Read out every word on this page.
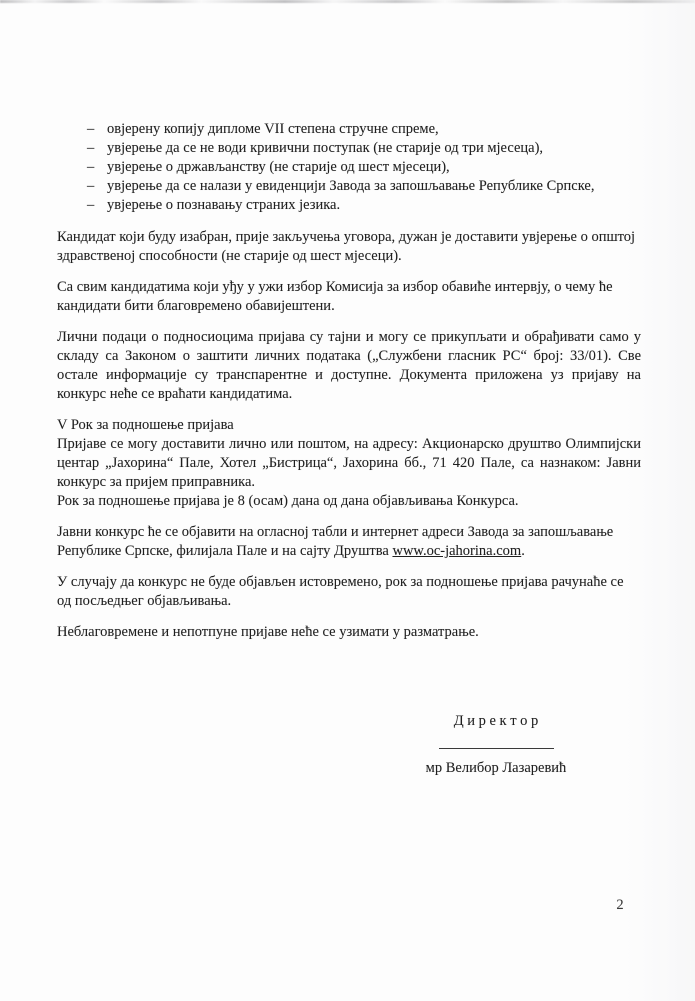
– овјерену копију дипломе VII степена стручне спреме,
– увјерење да се не води кривични поступак (не старије од три мјесеца),
– увјерење о држављанству (не старије од шест мјесеци),
– увјерење да се налази у евиденцији Завода за запошљавање Републике Српске,
– увјерење о познавању страних језика.

Кандидат који буду изабран, прије закључења уговора, дужан је доставити увјерење о општој здравственој способности (не старије од шест мјесеци).

Са свим кандидатима који уђу у ужи избор Комисија за избор обавиће интервју, о чему ће кандидати бити благовремено обавијештени.

Лични подаци о подносиоцима пријава су тајни и могу се прикупљати и обрађивати само у складу са Законом о заштити личних података („Службени гласник РС“ број: 33/01). Све остале информације су транспарентне и доступне. Документа приложена уз пријаву на конкурс неће се враћати кандидатима.

V Рок за подношење пријава

Пријаве се могу доставити лично или поштом, на адресу: Акционарско друштво Олимпијски центар „Јахорина“ Пале, Хотел „Бистрица“, Јахорина бб., 71 420 Пале, са назнаком: Јавни конкурс за пријем приправника.

Рок за подношење пријава је 8 (осам) дана од дана објављивања Конкурса.

Јавни конкурс ће се објавити на огласној табли и интернет адреси Завода за запошљавање Републике Српске, филијала Пале и на сајту Друштва www.oc-jahorina.com.

У случају да конкурс не буде објављен истовремено, рок за подношење пријава рачунаће се од посљедњег објављивања.

Неблаговремене и непотпуне пријаве неће се узимати у разматрање.

Д и р е к т о р
мр Велибор Лазаревић
2
